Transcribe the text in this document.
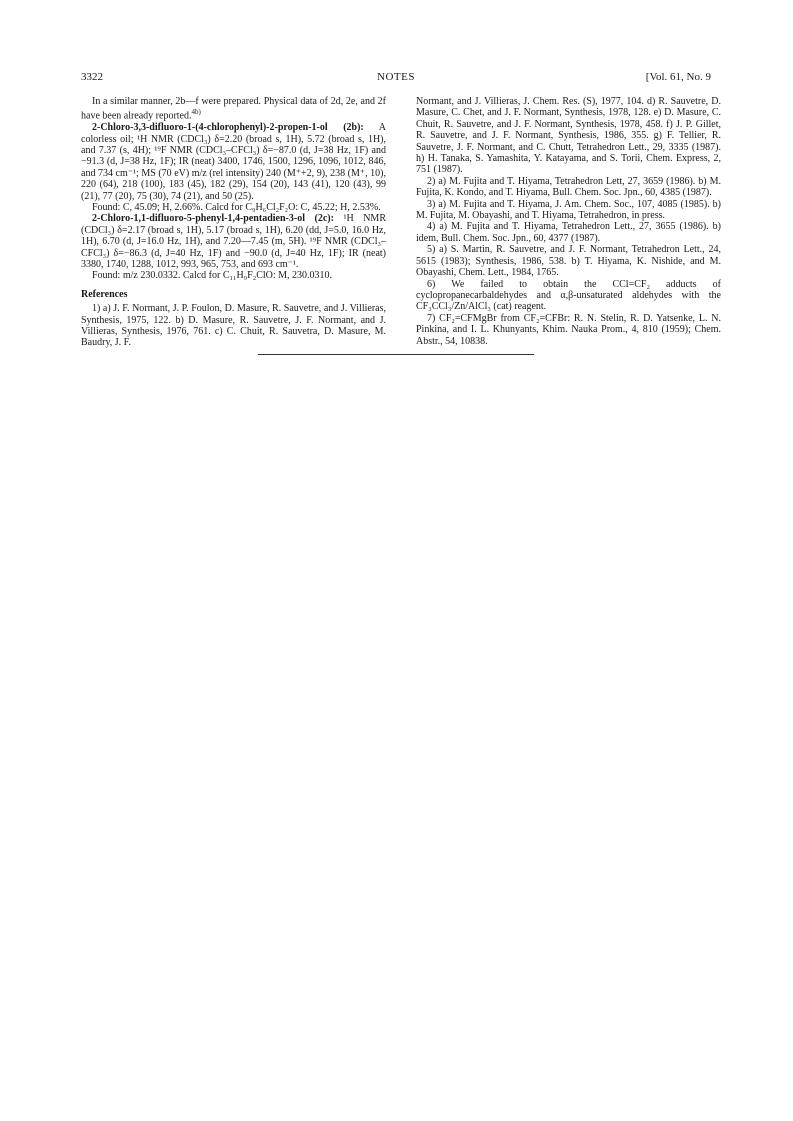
3322	NOTES	[Vol. 61, No. 9

In a similar manner, 2b—f were prepared. Physical data of 2d, 2e, and 2f have been already reported.$^{4b)}$

2-Chloro-3,3-difluoro-1-(4-chlorophenyl)-2-propen-1-ol (2b): A colorless oil; ¹H NMR (CDCl₃) δ=2.20 (broad s, 1H), 5.72 (broad s, 1H), and 7.37 (s, 4H); ¹⁹F NMR (CDCl₃–CFCl₃) δ=−87.0 (d, J=38 Hz, 1F) and −91.3 (d, J=38 Hz, 1F); IR (neat) 3400, 1746, 1500, 1296, 1096, 1012, 846, and 734 cm⁻¹; MS (70 eV) m/z (rel intensity) 240 (M⁺+2, 9), 238 (M⁺, 10), 220 (64), 218 (100), 183 (45), 182 (29), 154 (20), 143 (41), 120 (43), 99 (21), 77 (20), 75 (30), 74 (21), and 50 (25).

Found: C, 45.09; H, 2.66%. Calcd for C₉H₆Cl₂F₂O: C, 45.22; H, 2.53%.

2-Chloro-1,1-difluoro-5-phenyl-1,4-pentadien-3-ol (2c): ¹H NMR (CDCl₃) δ=2.17 (broad s, 1H), 5.17 (broad s, 1H), 6.20 (dd, J=5.0, 16.0 Hz, 1H), 6.70 (d, J=16.0 Hz, 1H), and 7.20—7.45 (m, 5H). ¹⁹F NMR (CDCl₃–CFCl₃) δ=−86.3 (d, J=40 Hz, 1F) and −90.0 (d, J=40 Hz, 1F); IR (neat) 3380, 1740, 1288, 1012, 993, 965, 753, and 693 cm⁻¹.

Found: m/z 230.0332. Calcd for C₁₁H₉F₂ClO: M, 230.0310.

References

1) a) J. F. Normant, J. P. Foulon, D. Masure, R. Sauvetre, and J. Villieras, Synthesis, 1975, 122. b) D. Masure, R. Sauvetre, J. F. Normant, and J. Villieras, Synthesis, 1976, 761. c) C. Chuit, R. Sauvetra, D. Masure, M. Baudry, J. F.

Normant, and J. Villieras, J. Chem. Res. (S), 1977, 104. d) R. Sauvetre, D. Masure, C. Chet, and J. F. Normant, Synthesis, 1978, 128. e) D. Masure, C. Chuit, R. Sauvetre, and J. F. Normant, Synthesis, 1978, 458. f) J. P. Gillet, R. Sauvetre, and J. F. Normant, Synthesis, 1986, 355. g) F. Tellier, R. Sauvetre, J. F. Normant, and C. Chutt, Tetrahedron Lett., 29, 3335 (1987). h) H. Tanaka, S. Yamashita, Y. Katayama, and S. Torii, Chem. Express, 2, 751 (1987).

2) a) M. Fujita and T. Hiyama, Tetrahedron Lett, 27, 3659 (1986). b) M. Fujita, K. Kondo, and T. Hiyama, Bull. Chem. Soc. Jpn., 60, 4385 (1987).

3) a) M. Fujita and T. Hiyama, J. Am. Chem. Soc., 107, 4085 (1985). b) M. Fujita, M. Obayashi, and T. Hiyama, Tetrahedron, in press.

4) a) M. Fujita and T. Hiyama, Tetrahedron Lett., 27, 3655 (1986). b) idem, Bull. Chem. Soc. Jpn., 60, 4377 (1987).

5) a) S. Martin, R. Sauvetre, and J. F. Normant, Tetrahedron Lett., 24, 5615 (1983); Synthesis, 1986, 538. b) T. Hiyama, K. Nishide, and M. Obayashi, Chem. Lett., 1984, 1765.

6) We failed to obtain the CCl=CF₂ adducts of cyclopropanecarbaldehydes and α,β-unsaturated aldehydes with the CF₃CCl₃/Zn/AlCl₃ (cat) reagent.

7) CF₂=CFMgBr from CF₂=CFBr: R. N. Stelin, R. D. Yatsenke, L. N. Pinkina, and I. L. Khunyants, Khim. Nauka Prom., 4, 810 (1959); Chem. Abstr., 54, 10838.
